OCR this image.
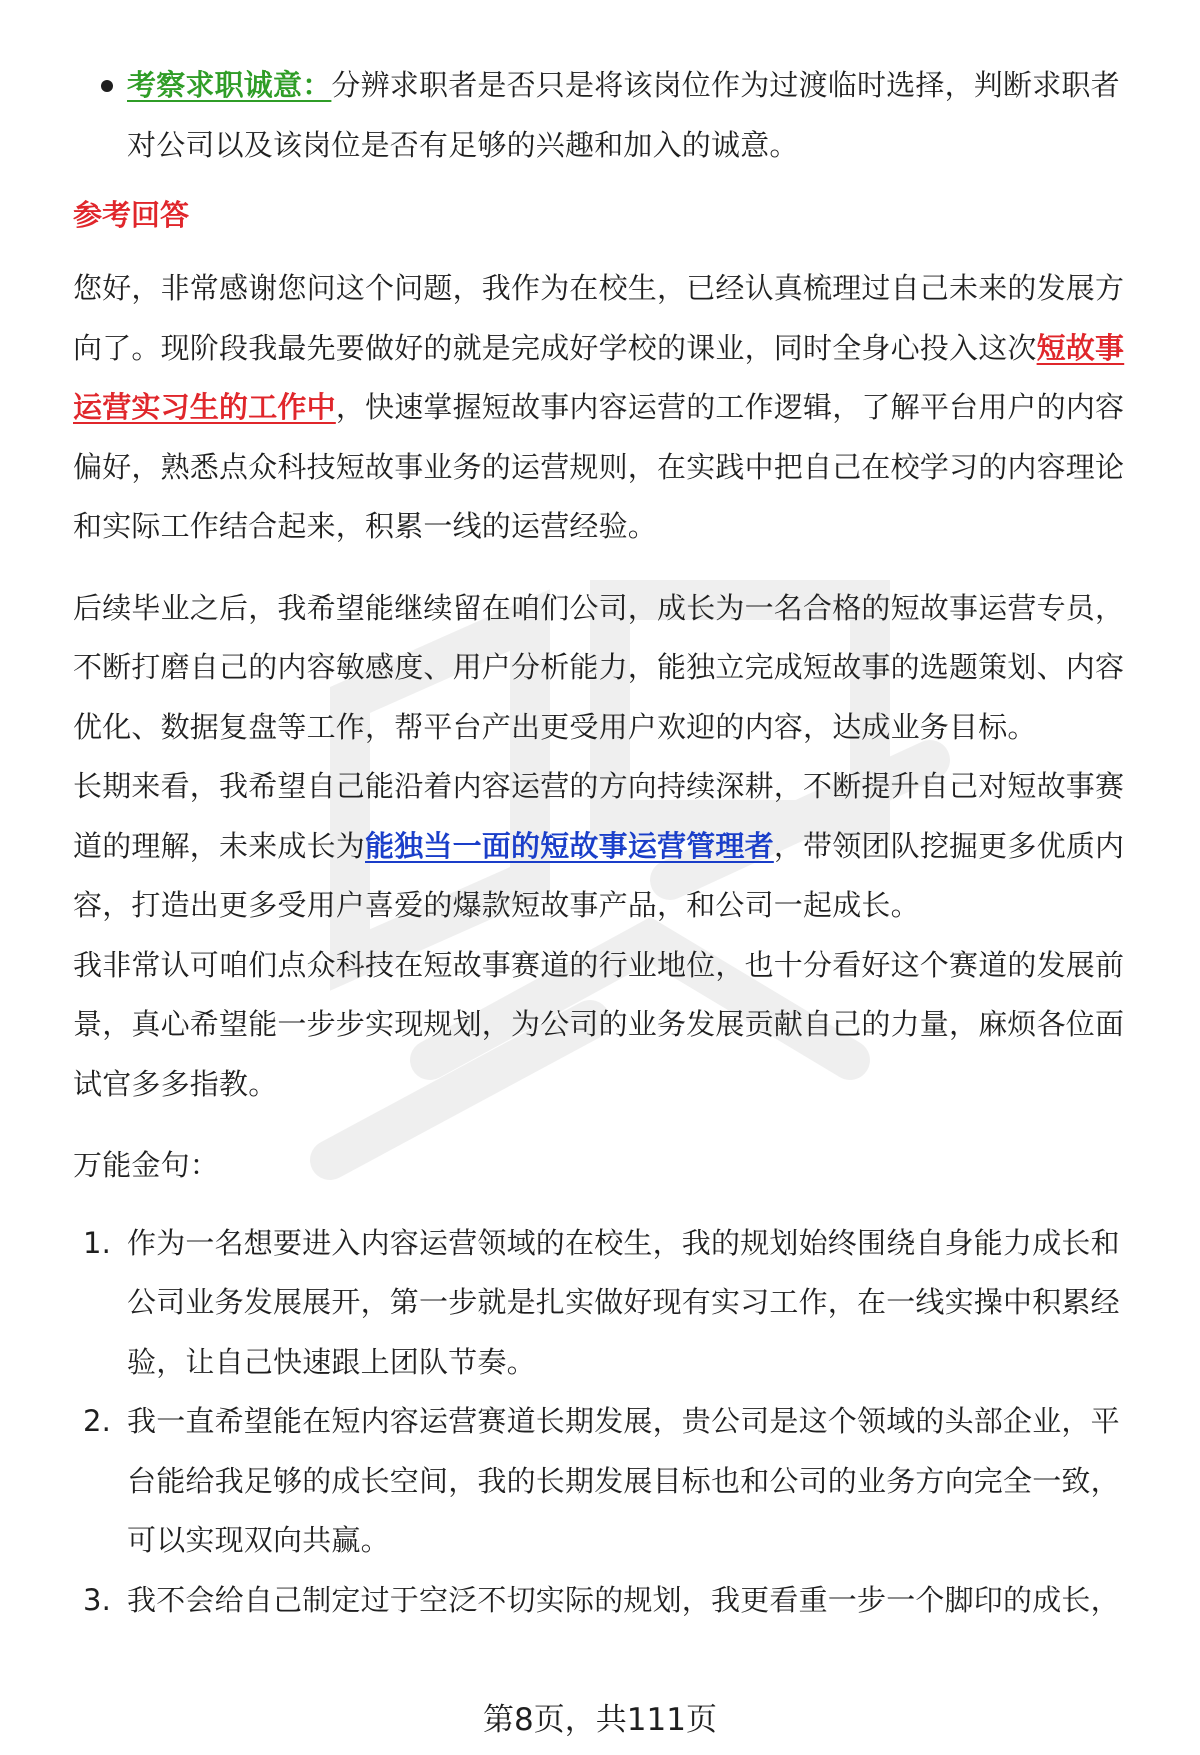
考察求职诚意：分辨求职者是否只是将该岗位作为过渡临时选择，判断求职者对公司以及该岗位是否有足够的兴趣和加入的诚意。

参考回答

您好，非常感谢您问这个问题，我作为在校生，已经认真梳理过自己未来的发展方向了。现阶段我最先要做好的就是完成好学校的课业，同时全身心投入这次短故事运营实习生的工作中，快速掌握短故事内容运营的工作逻辑，了解平台用户的内容偏好，熟悉点众科技短故事业务的运营规则，在实践中把自己在校学习的内容理论和实际工作结合起来，积累一线的运营经验。

后续毕业之后，我希望能继续留在咱们公司，成长为一名合格的短故事运营专员，不断打磨自己的内容敏感度、用户分析能力，能独立完成短故事的选题策划、内容优化、数据复盘等工作，帮平台产出更受用户欢迎的内容，达成业务目标。

长期来看，我希望自己能沿着内容运营的方向持续深耕，不断提升自己对短故事赛道的理解，未来成长为能独当一面的短故事运营管理者，带领团队挖掘更多优质内容，打造出更多受用户喜爱的爆款短故事产品，和公司一起成长。

我非常认可咱们点众科技在短故事赛道的行业地位，也十分看好这个赛道的发展前景，真心希望能一步步实现规划，为公司的业务发展贡献自己的力量，麻烦各位面试官多多指教。

万能金句：

1. 作为一名想要进入内容运营领域的在校生，我的规划始终围绕自身能力成长和公司业务发展展开，第一步就是扎实做好现有实习工作，在一线实操中积累经验，让自己快速跟上团队节奏。

2. 我一直希望能在短内容运营赛道长期发展，贵公司是这个领域的头部企业，平台能给我足够的成长空间，我的长期发展目标也和公司的业务方向完全一致，可以实现双向共赢。

3. 我不会给自己制定过于空泛不切实际的规划，我更看重一步一个脚印的成长，

第8页，共111页
